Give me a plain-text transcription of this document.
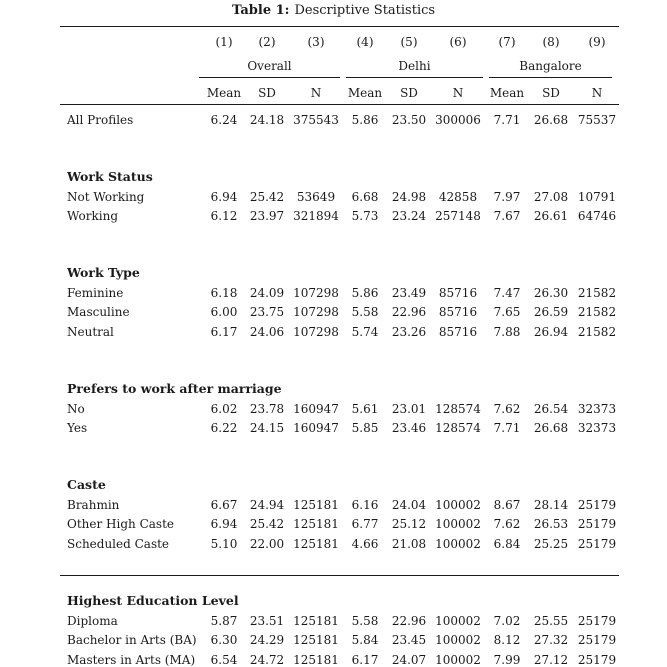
Table 1: Descriptive Statistics
(1)	(2)	(3)	(4)	(5)	(6)	(7)	(8)	(9)
Overall	Delhi	Bangalore
Mean	SD	N	Mean	SD	N	Mean	SD	N
All Profiles	6.24	24.18 375543	5.86	23.50 300006	7.71	26.68 75537
Work Status
Not Working	6.94	25.42	53649	6.68	24.98	42858	7.97	27.08 10791
Working	6.12	23.97 321894	5.73	23.24 257148	7.67	26.61 64746
Work Type
Feminine	6.18	24.09 107298	5.86	23.49	85716	7.47	26.30 21582
Masculine	6.00	23.75 107298	5.58	22.96	85716	7.65	26.59 21582
Neutral	6.17	24.06 107298	5.74	23.26	85716	7.88	26.94 21582
Prefers to work after marriage
No	6.02	23.78 160947	5.61	23.01 128574	7.62	26.54 32373
Yes	6.22	24.15 160947	5.85	23.46 128574	7.71	26.68 32373
Caste
Brahmin	6.67	24.94 125181	6.16	24.04 100002	8.67	28.14 25179
Other High Caste	6.94	25.42 125181	6.77	25.12 100002	7.62	26.53 25179
Scheduled Caste	5.10	22.00 125181	4.66	21.08 100002	6.84	25.25 25179
Highest Education Level
Diploma	5.87	23.51 125181	5.58	22.96 100002	7.02	25.55 25179
Bachelor in Arts (BA)	6.30	24.29 125181	5.84	23.45 100002	8.12	27.32 25179
Masters in Arts (MA)	6.54	24.72 125181	6.17	24.07 100002	7.99	27.12 25179
